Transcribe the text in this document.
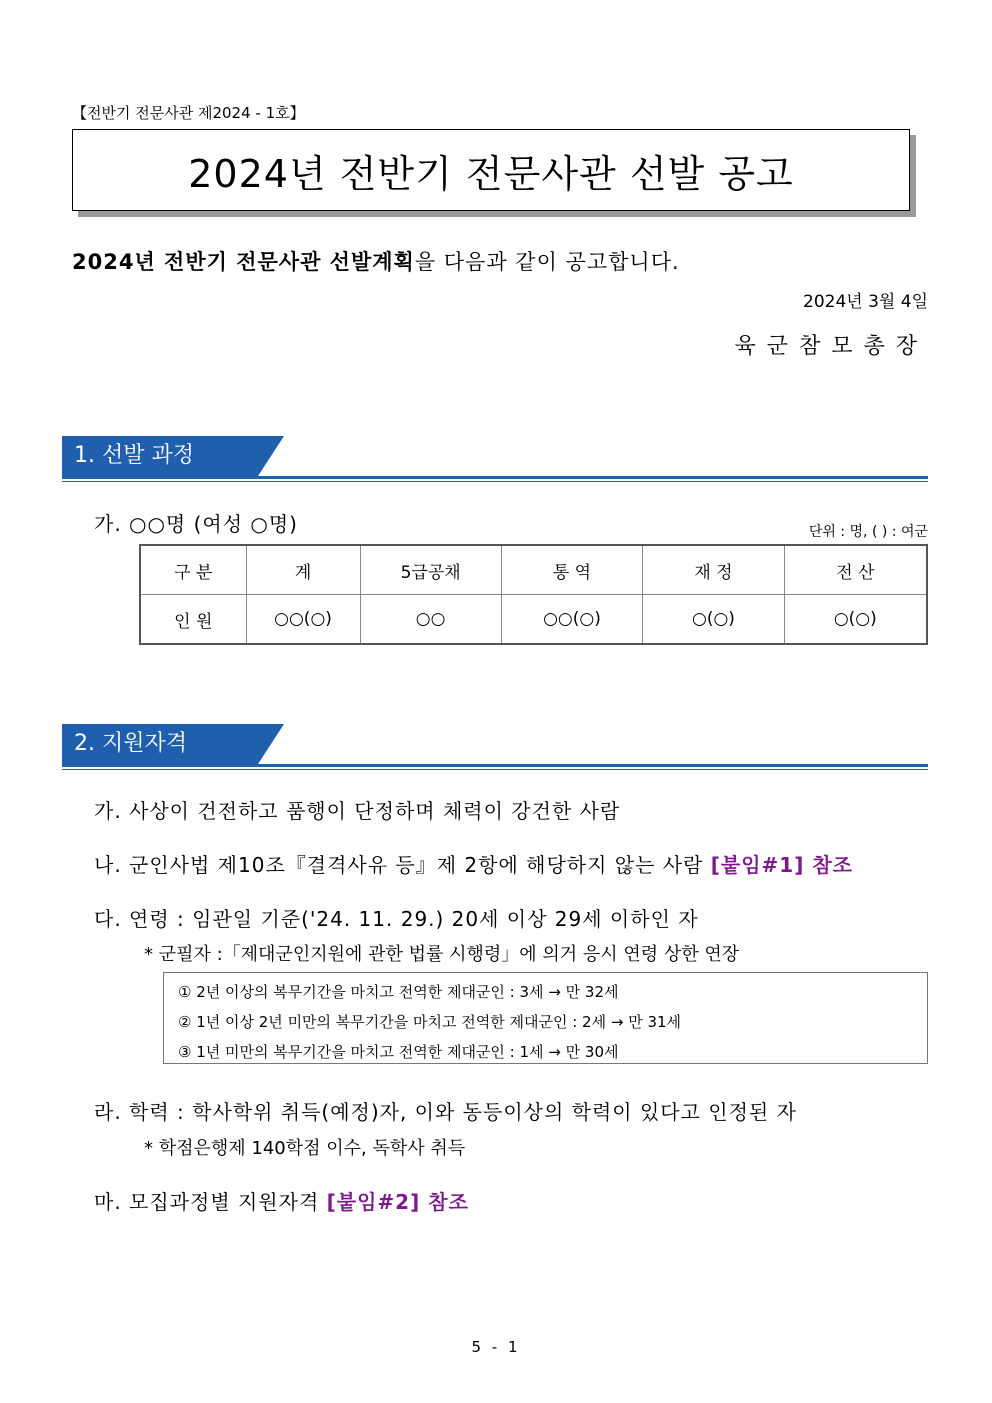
【전반기 전문사관 제2024 - 1호】
2024년 전반기 전문사관 선발 공고
2024년 전반기 전문사관 선발계획을 다음과 같이 공고합니다.
2024년 3월 4일
육군참모총장
1. 선발 과정
가. ○○명 (여성 ○명)	단위 : 명, ( ) : 여군
구 분	계	5급공채	통 역	재 정	전 산
인 원	○○(○)	○○	○○(○)	○(○)	○(○)
2. 지원자격
가. 사상이 건전하고 품행이 단정하며 체력이 강건한 사람
나. 군인사법 제10조『결격사유 등』제 2항에 해당하지 않는 사람 [붙임#1] 참조
다. 연령 : 임관일 기준('24. 11. 29.) 20세 이상 29세 이하인 자
* 군필자 :「제대군인지원에 관한 법률 시행령」에 의거 응시 연령 상한 연장
① 2년 이상의 복무기간을 마치고 전역한 제대군인 : 3세 → 만 32세
② 1년 이상 2년 미만의 복무기간을 마치고 전역한 제대군인 : 2세 → 만 31세
③ 1년 미만의 복무기간을 마치고 전역한 제대군인 : 1세 → 만 30세
라. 학력 : 학사학위 취득(예정)자, 이와 동등이상의 학력이 있다고 인정된 자
* 학점은행제 140학점 이수, 독학사 취득
마. 모집과정별 지원자격 [붙임#2] 참조
5 - 1
